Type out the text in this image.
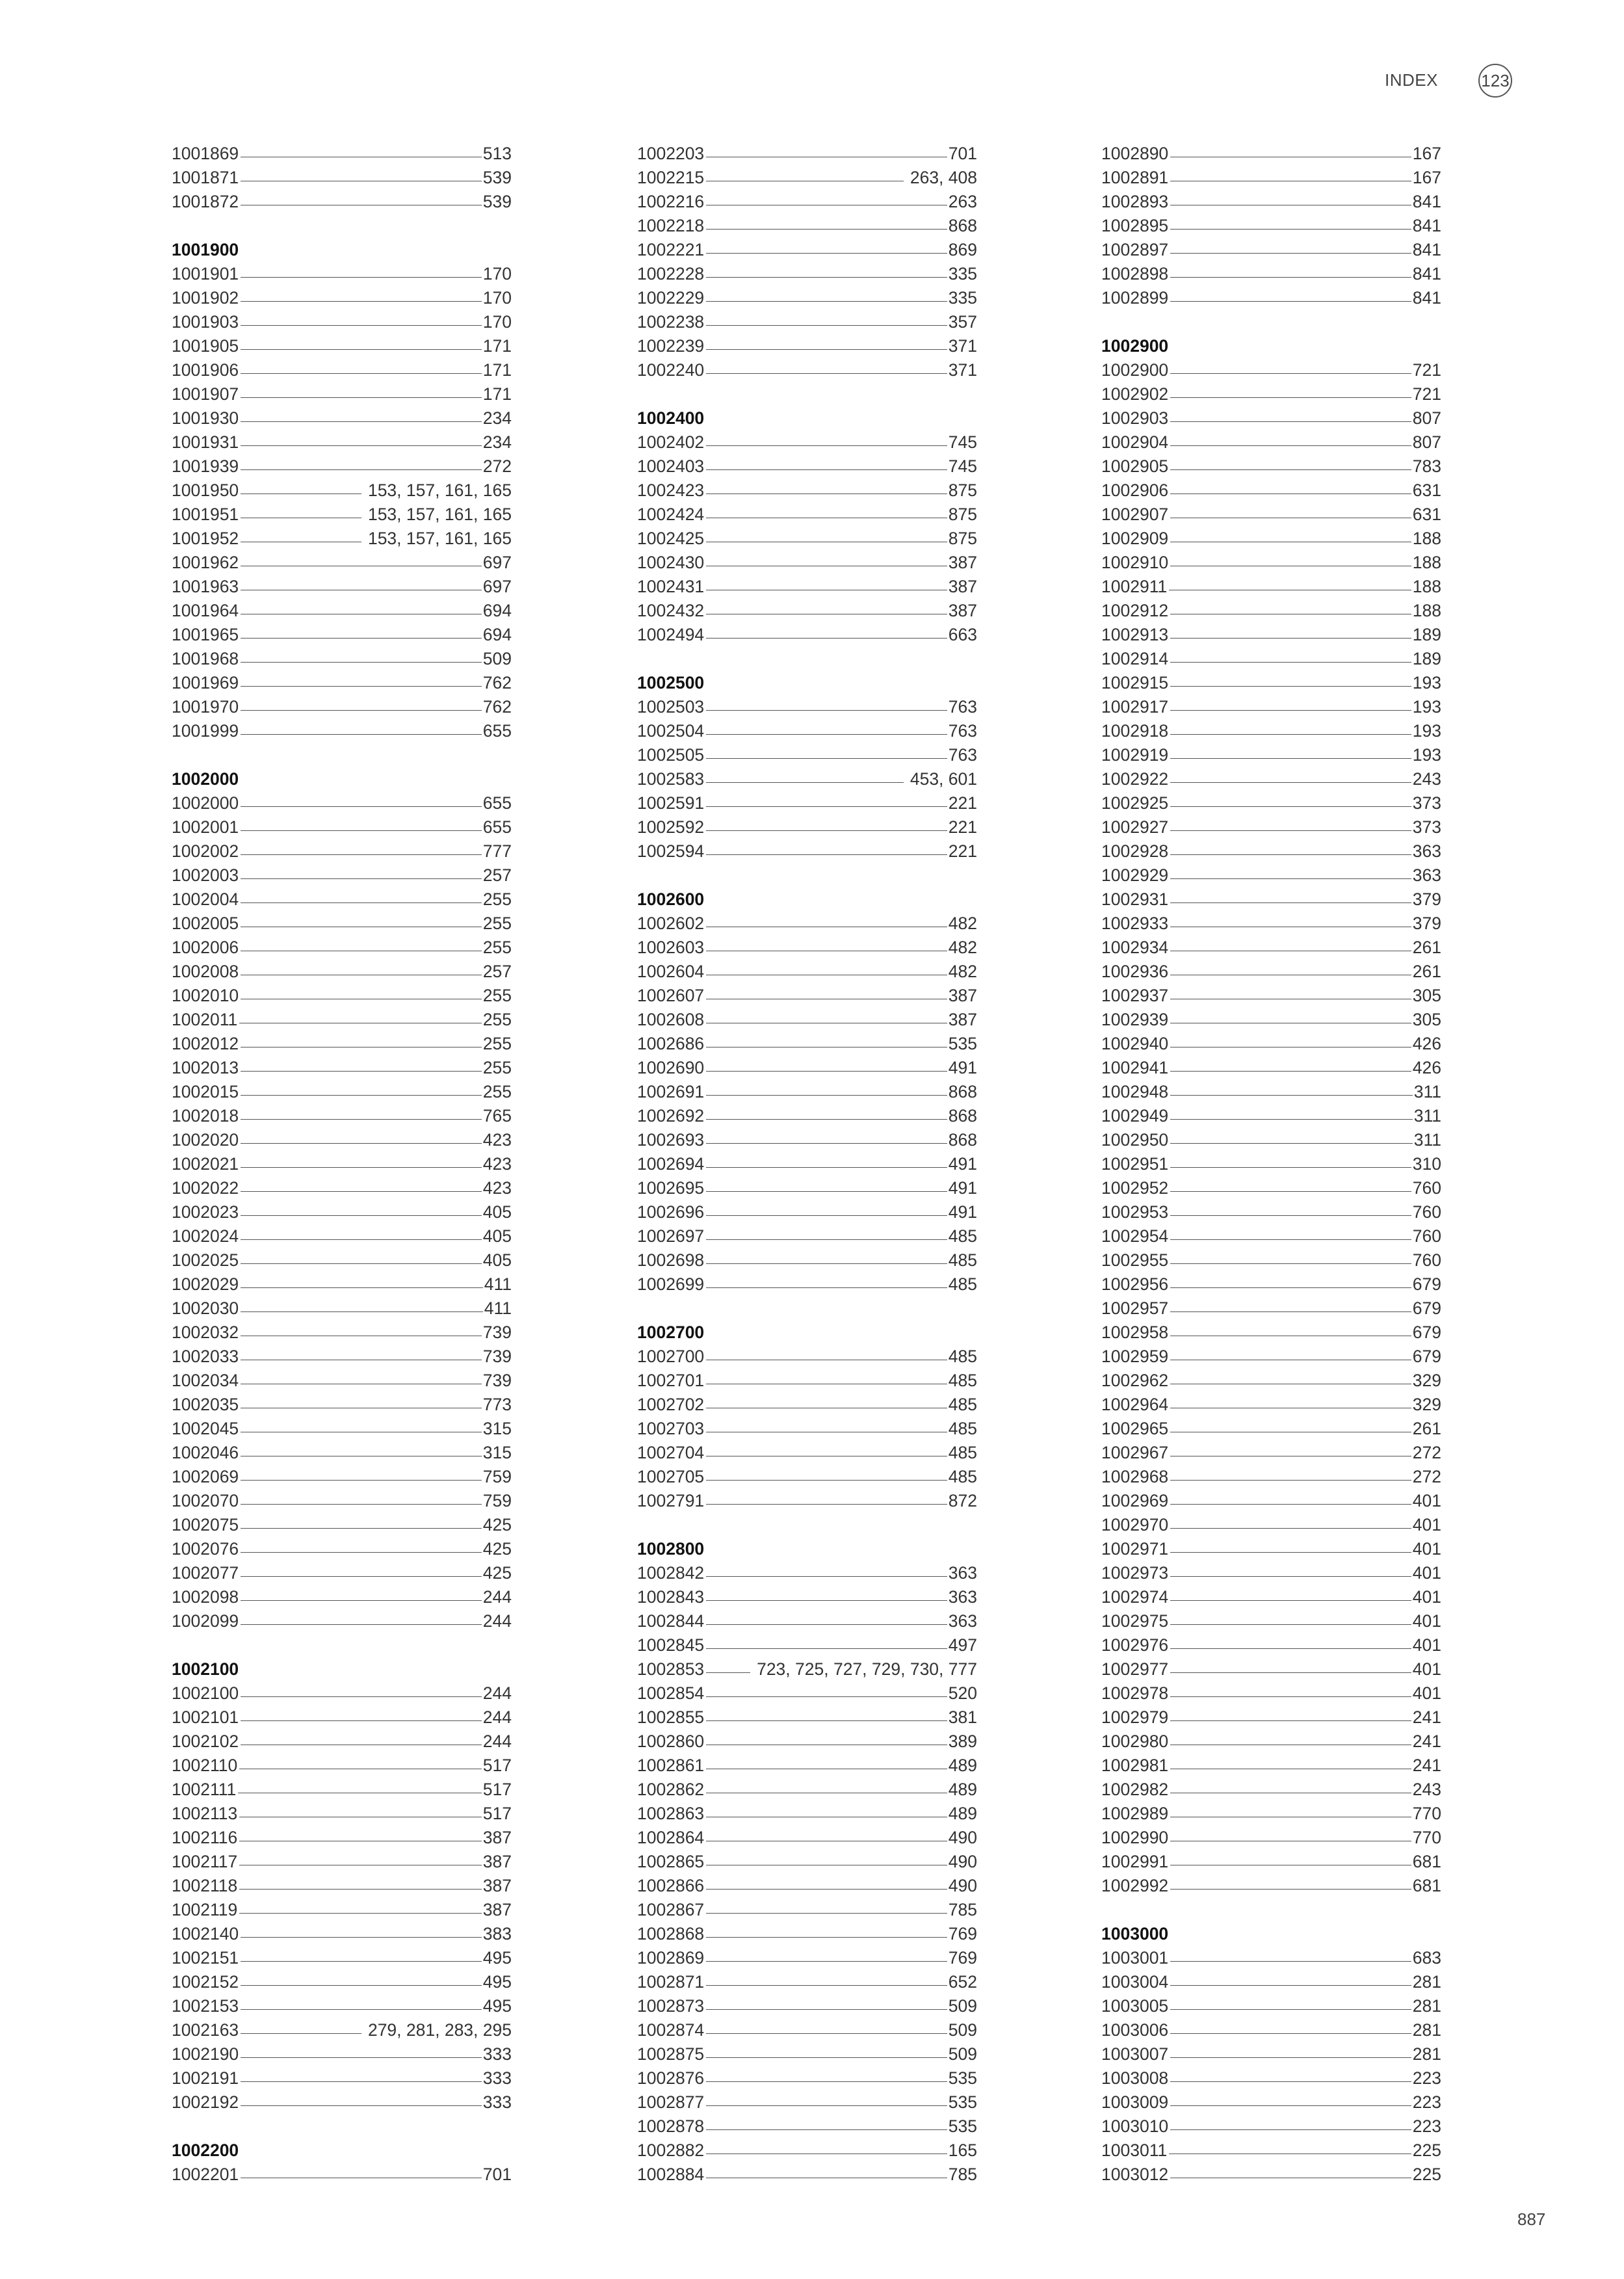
INDEX	123
1001869	513
1001871	539
1001872	539
1001900
1001901	170
1001902	170
1001903	170
1001905	171
1001906	171
1001907	171
1001930	234
1001931	234
1001939	272
1001950	153, 157, 161, 165
1001951	153, 157, 161, 165
1001952	153, 157, 161, 165
1001962	697
1001963	697
1001964	694
1001965	694
1001968	509
1001969	762
1001970	762
1001999	655
1002000
1002000	655
1002001	655
1002002	777
1002003	257
1002004	255
1002005	255
1002006	255
1002008	257
1002010	255
1002011	255
1002012	255
1002013	255
1002015	255
1002018	765
1002020	423
1002021	423
1002022	423
1002023	405
1002024	405
1002025	405
1002029	411
1002030	411
1002032	739
1002033	739
1002034	739
1002035	773
1002045	315
1002046	315
1002069	759
1002070	759
1002075	425
1002076	425
1002077	425
1002098	244
1002099	244
1002100
1002100	244
1002101	244
1002102	244
1002110	517
1002111	517
1002113	517
1002116	387
1002117	387
1002118	387
1002119	387
1002140	383
1002151	495
1002152	495
1002153	495
1002163	279, 281, 283, 295
1002190	333
1002191	333
1002192	333
1002200
1002201	701
1002203	701
1002215	263, 408
1002216	263
1002218	868
1002221	869
1002228	335
1002229	335
1002238	357
1002239	371
1002240	371
1002400
1002402	745
1002403	745
1002423	875
1002424	875
1002425	875
1002430	387
1002431	387
1002432	387
1002494	663
1002500
1002503	763
1002504	763
1002505	763
1002583	453, 601
1002591	221
1002592	221
1002594	221
1002600
1002602	482
1002603	482
1002604	482
1002607	387
1002608	387
1002686	535
1002690	491
1002691	868
1002692	868
1002693	868
1002694	491
1002695	491
1002696	491
1002697	485
1002698	485
1002699	485
1002700
1002700	485
1002701	485
1002702	485
1002703	485
1002704	485
1002705	485
1002791	872
1002800
1002842	363
1002843	363
1002844	363
1002845	497
1002853	723, 725, 727, 729, 730, 777
1002854	520
1002855	381
1002860	389
1002861	489
1002862	489
1002863	489
1002864	490
1002865	490
1002866	490
1002867	785
1002868	769
1002869	769
1002871	652
1002873	509
1002874	509
1002875	509
1002876	535
1002877	535
1002878	535
1002882	165
1002884	785
1002890	167
1002891	167
1002893	841
1002895	841
1002897	841
1002898	841
1002899	841
1002900
1002900	721
1002902	721
1002903	807
1002904	807
1002905	783
1002906	631
1002907	631
1002909	188
1002910	188
1002911	188
1002912	188
1002913	189
1002914	189
1002915	193
1002917	193
1002918	193
1002919	193
1002922	243
1002925	373
1002927	373
1002928	363
1002929	363
1002931	379
1002933	379
1002934	261
1002936	261
1002937	305
1002939	305
1002940	426
1002941	426
1002948	311
1002949	311
1002950	311
1002951	310
1002952	760
1002953	760
1002954	760
1002955	760
1002956	679
1002957	679
1002958	679
1002959	679
1002962	329
1002964	329
1002965	261
1002967	272
1002968	272
1002969	401
1002970	401
1002971	401
1002973	401
1002974	401
1002975	401
1002976	401
1002977	401
1002978	401
1002979	241
1002980	241
1002981	241
1002982	243
1002989	770
1002990	770
1002991	681
1002992	681
1003000
1003001	683
1003004	281
1003005	281
1003006	281
1003007	281
1003008	223
1003009	223
1003010	223
1003011	225
1003012	225
887
